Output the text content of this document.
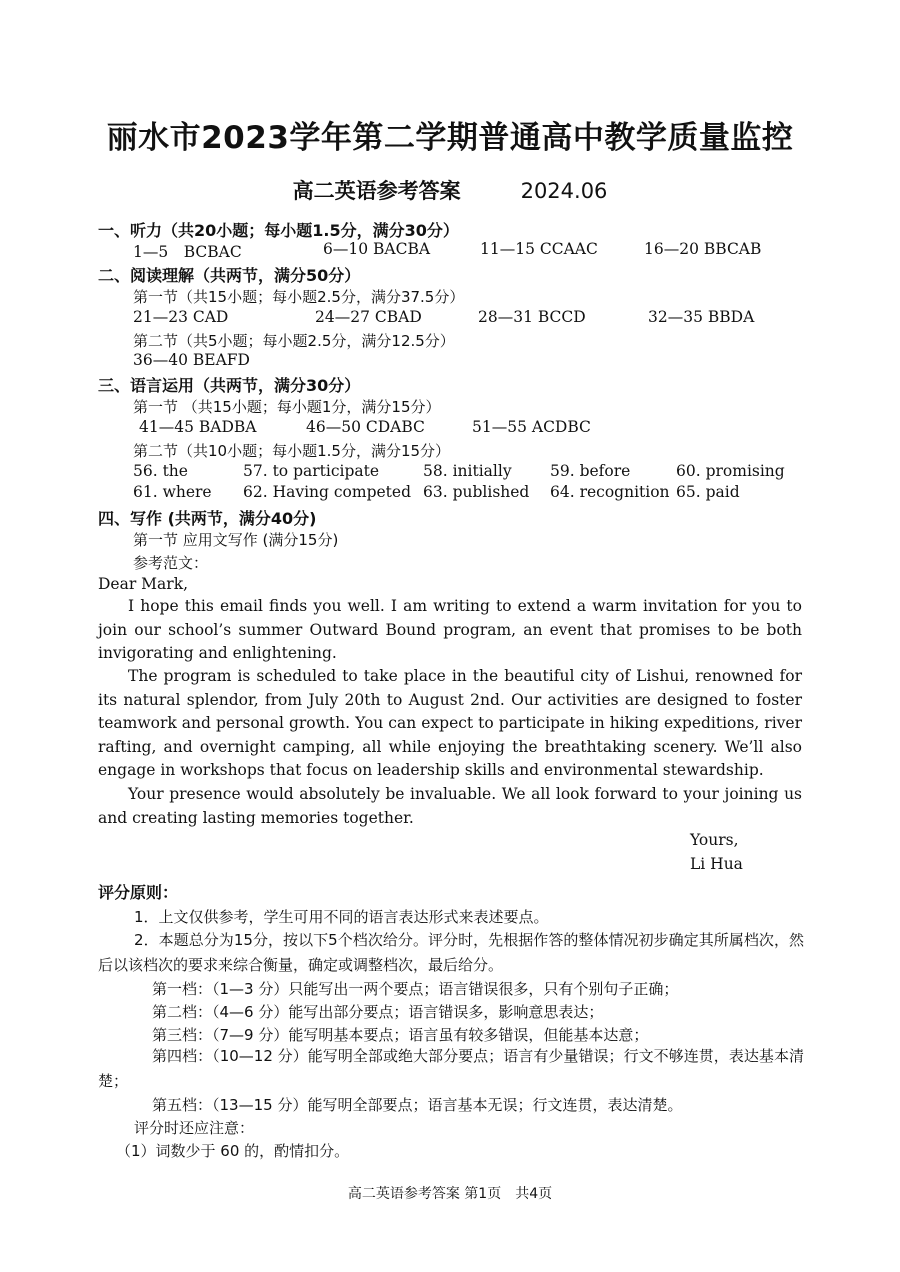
丽水市2023学年第二学期普通高中教学质量监控
高二英语参考答案	2024.06
一、听力（共20小题；每小题1.5分，满分30分）
1—5　BCBAC	6—10 BACBA	11—15 CCAAC	16—20 BBCAB
二、阅读理解（共两节，满分50分）
第一节（共15小题；每小题2.5分，满分37.5分）
21—23 CAD	24—27 CBAD	28—31 BCCD	32—35 BBDA
第二节（共5小题；每小题2.5分，满分12.5分）
36—40 BEAFD
三、语言运用（共两节，满分30分）
第一节 （共15小题；每小题1分，满分15分）
41—45 BADBA	46—50 CDABC	51—55 ACDBC
第二节（共10小题；每小题1.5分，满分15分）
56. the	57. to participate	58. initially 59. before	60. promising
61. where 62. Having competed 63. published 64. recognition 65. paid
四、写作 (共两节，满分40分)
第一节 应用文写作 (满分15分)
参考范文：
Dear Mark,
I hope this email finds you well. I am writing to extend a warm invitation for you to join our school’s summer Outward Bound program, an event that promises to be both invigorating and enlightening.
The program is scheduled to take place in the beautiful city of Lishui, renowned for its natural splendor, from July 20th to August 2nd. Our activities are designed to foster teamwork and personal growth. You can expect to participate in hiking expeditions, river rafting, and overnight camping, all while enjoying the breathtaking scenery. We’ll also engage in workshops that focus on leadership skills and environmental stewardship.
Your presence would absolutely be invaluable. We all look forward to your joining us and creating lasting memories together.
Yours,
Li Hua
评分原则：
1．上文仅供参考，学生可用不同的语言表达形式来表述要点。
2．本题总分为15分，按以下5个档次给分。评分时，先根据作答的整体情况初步确定其所属档次，然后以该档次的要求来综合衡量，确定或调整档次，最后给分。
第一档：（1—3 分）只能写出一两个要点；语言错误很多，只有个别句子正确；
第二档：（4—6 分）能写出部分要点；语言错误多，影响意思表达；
第三档：（7—9 分）能写明基本要点；语言虽有较多错误，但能基本达意；
第四档：（10—12 分）能写明全部或绝大部分要点；语言有少量错误；行文不够连贯，表达基本清楚；
第五档：（13—15 分）能写明全部要点；语言基本无误；行文连贯，表达清楚。
评分时还应注意：
（1）词数少于 60 的，酌情扣分。
高二英语参考答案 第1页　共4页
